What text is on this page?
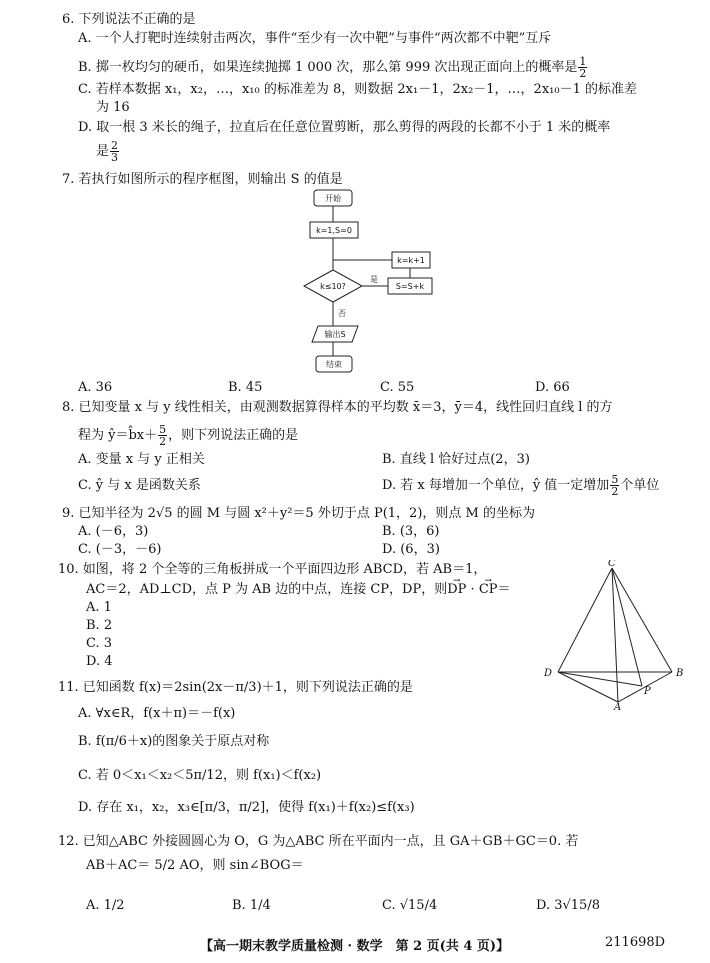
6. 下列说法不正确的是
A. 一个人打靶时连续射击两次，事件“至少有一次中靶”与事件“两次都不中靶”互斥
B. 掷一枚均匀的硬币，如果连续抛掷 1 000 次，那么第 999 次出现正面向上的概率是 $\frac{1}{2}$
C. 若样本数据 x₁，x₂，…，x₁₀ 的标准差为 8，则数据 2x₁－1，2x₂－1，…，2x₁₀－1 的标准差
为 16
D. 取一根 3 米长的绳子，拉直后在任意位置剪断，那么剪得的两段的长都不小于 1 米的概率
是 $\frac{2}{3}$
7. 若执行如图所示的程序框图，则输出 S 的值是
开始
k=1,S=0
k≤10?	S=S+k
k=k+1
是
否
输出S
结束
A. 36	B. 45	C. 55	D. 66
8. 已知变量 x 与 y 线性相关，由观测数据算得样本的平均数 x̄＝3，ȳ＝4，线性回归直线 l 的方
程为 ŷ＝b̂x＋ $\frac{5}{2}$ ，则下列说法正确的是
A. 变量 x 与 y 正相关	B. 直线 l 恰好过点(2，3)
C. ŷ 与 x 是函数关系	D. 若 x 每增加一个单位，ŷ 值一定增加 $\frac{5}{2}$ 个单位
9. 已知半径为 2√5 的圆 M 与圆 x²＋y²＝5 外切于点 P(1，2)，则点 M 的坐标为
A. (－6，3)	B. (3，6)
C. (－3，－6)	D. (6，3)
10. 如图，将 2 个全等的三角板拼成一个平面四边形 ABCD，若 AB＝1，
AC＝2，AD⊥CD，点 P 为 AB 边的中点，连接 CP，DP，则→ DP · → CP＝
A. 1
B. 2
C. 3
D. 4
C
D	B
P
A
11. 已知函数 f(x)＝2sin(2x－π/3)＋1，则下列说法正确的是
A. ∀x∈R，f(x＋π)＝－f(x)
B. f(π/6＋x)的图象关于原点对称
C. 若 0＜x₁＜x₂＜5π/12，则 f(x₁)＜f(x₂)
D. 存在 x₁，x₂，x₃∈[π/3，π/2]，使得 f(x₁)＋f(x₂)≤f(x₃)
12. 已知△ABC 外接圆圆心为 O，G 为△ABC 所在平面内一点，且 GA＋GB＋GC＝0. 若
AB＋AC＝ 5/2 AO，则 sin∠BOG＝
A. 1/2	B. 1/4	C. √15/4	D. 3√15/8
【高一期末教学质量检测 · 数学　第 2 页(共 4 页)】	211698D
